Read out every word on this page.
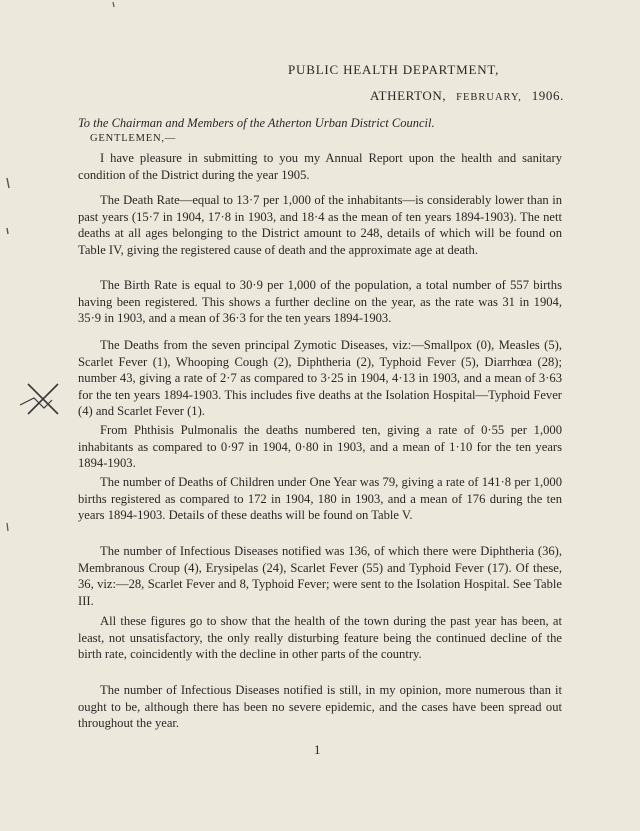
PUBLIC HEALTH DEPARTMENT,
ATHERTON, FEBRUARY, 1906.
To the Chairman and Members of the Atherton Urban District Council.
GENTLEMEN,—

I have pleasure in submitting to you my Annual Report upon the health and sanitary condition of the District during the year 1905.

The Death Rate—equal to 13·7 per 1,000 of the inhabitants—is considerably lower than in past years (15·7 in 1904, 17·8 in 1903, and 18·4 as the mean of ten years 1894-1903). The nett deaths at all ages belonging to the District amount to 248, details of which will be found on Table IV, giving the registered cause of death and the approximate age at death.

The Birth Rate is equal to 30·9 per 1,000 of the population, a total number of 557 births having been registered. This shows a further decline on the year, as the rate was 31 in 1904, 35·9 in 1903, and a mean of 36·3 for the ten years 1894-1903.

The Deaths from the seven principal Zymotic Diseases, viz:—Smallpox (0), Measles (5), Scarlet Fever (1), Whooping Cough (2), Diphtheria (2), Typhoid Fever (5), Diarrhœa (28); number 43, giving a rate of 2·7 as compared to 3·25 in 1904, 4·13 in 1903, and a mean of 3·63 for the ten years 1894-1903. This includes five deaths at the Isolation Hospital—Typhoid Fever (4) and Scarlet Fever (1).

From Phthisis Pulmonalis the deaths numbered ten, giving a rate of 0·55 per 1,000 inhabitants as compared to 0·97 in 1904, 0·80 in 1903, and a mean of 1·10 for the ten years 1894-1903.

The number of Deaths of Children under One Year was 79, giving a rate of 141·8 per 1,000 births registered as compared to 172 in 1904, 180 in 1903, and a mean of 176 during the ten years 1894-1903. Details of these deaths will be found on Table V.

The number of Infectious Diseases notified was 136, of which there were Diphtheria (36), Membranous Croup (4), Erysipelas (24), Scarlet Fever (55) and Typhoid Fever (17). Of these, 36, viz:—28, Scarlet Fever and 8, Typhoid Fever; were sent to the Isolation Hospital. See Table III.

All these figures go to show that the health of the town during the past year has been, at least, not unsatisfactory, the only really disturbing feature being the continued decline of the birth rate, coincidently with the decline in other parts of the country.

The number of Infectious Diseases notified is still, in my opinion, more numerous than it ought to be, although there has been no severe epidemic, and the cases have been spread out throughout the year.

1
